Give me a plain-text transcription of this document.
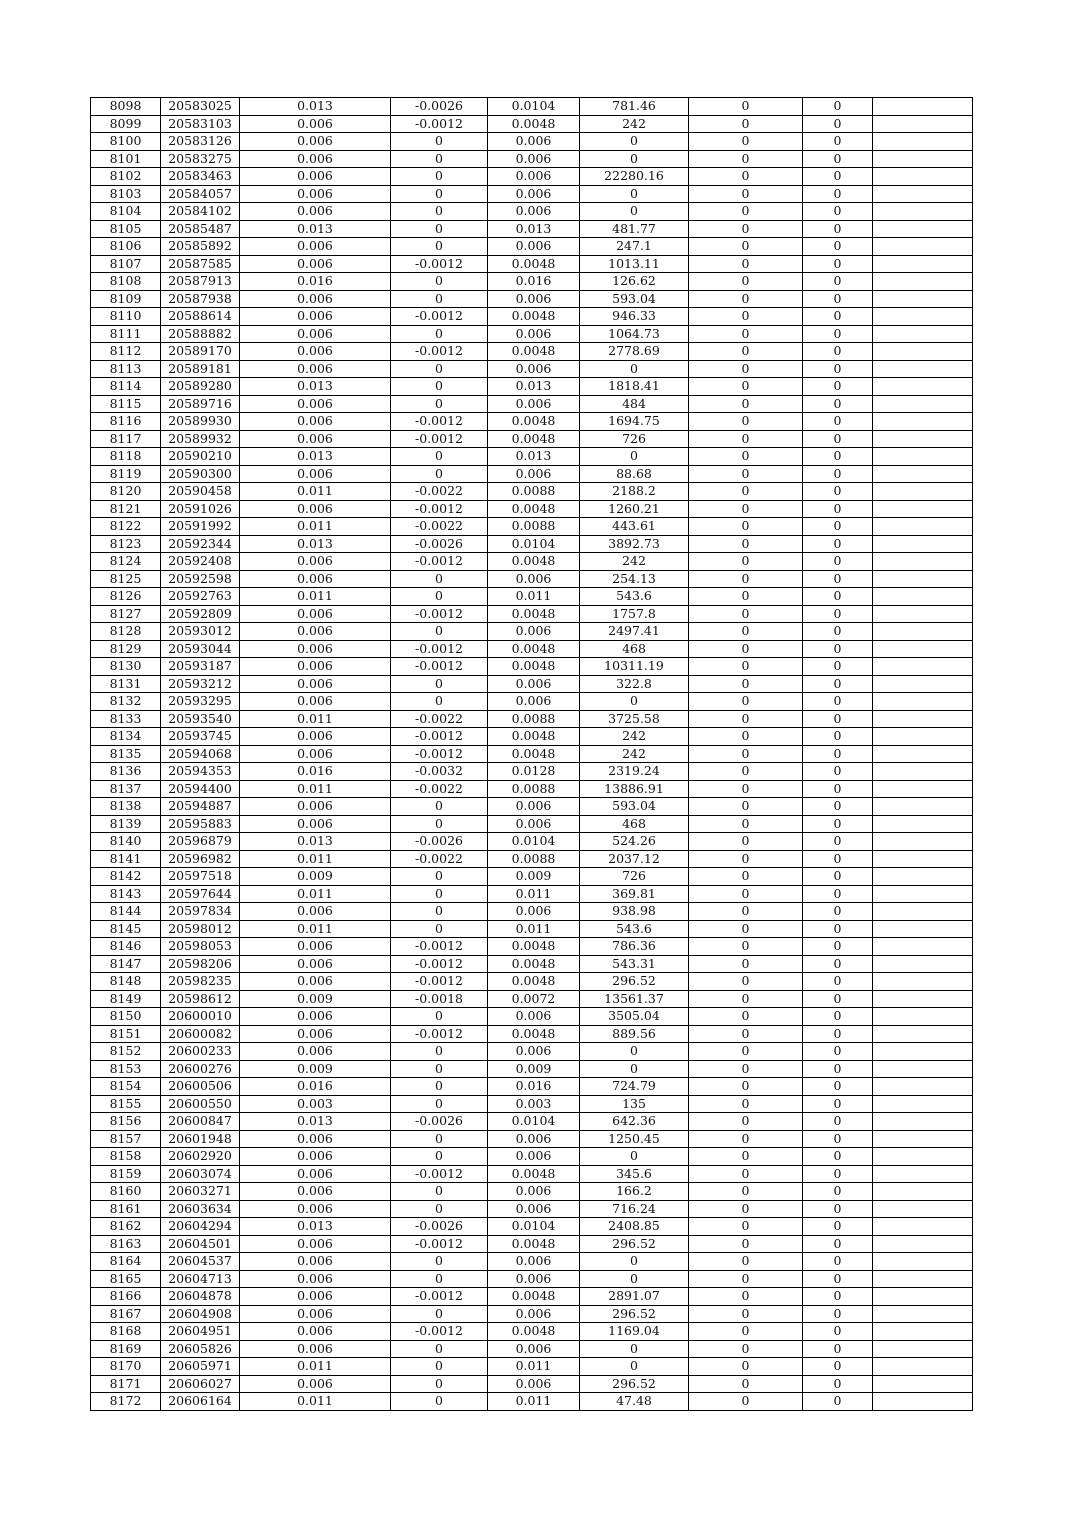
8098	20583025	0.013	-0.0026	0.0104	781.46	0	0	
8099	20583103	0.006	-0.0012	0.0048	242	0	0	
8100	20583126	0.006	0	0.006	0	0	0	
8101	20583275	0.006	0	0.006	0	0	0	
8102	20583463	0.006	0	0.006	22280.16	0	0	
8103	20584057	0.006	0	0.006	0	0	0	
8104	20584102	0.006	0	0.006	0	0	0	
8105	20585487	0.013	0	0.013	481.77	0	0	
8106	20585892	0.006	0	0.006	247.1	0	0	
8107	20587585	0.006	-0.0012	0.0048	1013.11	0	0	
8108	20587913	0.016	0	0.016	126.62	0	0	
8109	20587938	0.006	0	0.006	593.04	0	0	
8110	20588614	0.006	-0.0012	0.0048	946.33	0	0	
8111	20588882	0.006	0	0.006	1064.73	0	0	
8112	20589170	0.006	-0.0012	0.0048	2778.69	0	0	
8113	20589181	0.006	0	0.006	0	0	0	
8114	20589280	0.013	0	0.013	1818.41	0	0	
8115	20589716	0.006	0	0.006	484	0	0	
8116	20589930	0.006	-0.0012	0.0048	1694.75	0	0	
8117	20589932	0.006	-0.0012	0.0048	726	0	0	
8118	20590210	0.013	0	0.013	0	0	0	
8119	20590300	0.006	0	0.006	88.68	0	0	
8120	20590458	0.011	-0.0022	0.0088	2188.2	0	0	
8121	20591026	0.006	-0.0012	0.0048	1260.21	0	0	
8122	20591992	0.011	-0.0022	0.0088	443.61	0	0	
8123	20592344	0.013	-0.0026	0.0104	3892.73	0	0	
8124	20592408	0.006	-0.0012	0.0048	242	0	0	
8125	20592598	0.006	0	0.006	254.13	0	0	
8126	20592763	0.011	0	0.011	543.6	0	0	
8127	20592809	0.006	-0.0012	0.0048	1757.8	0	0	
8128	20593012	0.006	0	0.006	2497.41	0	0	
8129	20593044	0.006	-0.0012	0.0048	468	0	0	
8130	20593187	0.006	-0.0012	0.0048	10311.19	0	0	
8131	20593212	0.006	0	0.006	322.8	0	0	
8132	20593295	0.006	0	0.006	0	0	0	
8133	20593540	0.011	-0.0022	0.0088	3725.58	0	0	
8134	20593745	0.006	-0.0012	0.0048	242	0	0	
8135	20594068	0.006	-0.0012	0.0048	242	0	0	
8136	20594353	0.016	-0.0032	0.0128	2319.24	0	0	
8137	20594400	0.011	-0.0022	0.0088	13886.91	0	0	
8138	20594887	0.006	0	0.006	593.04	0	0	
8139	20595883	0.006	0	0.006	468	0	0	
8140	20596879	0.013	-0.0026	0.0104	524.26	0	0	
8141	20596982	0.011	-0.0022	0.0088	2037.12	0	0	
8142	20597518	0.009	0	0.009	726	0	0	
8143	20597644	0.011	0	0.011	369.81	0	0	
8144	20597834	0.006	0	0.006	938.98	0	0	
8145	20598012	0.011	0	0.011	543.6	0	0	
8146	20598053	0.006	-0.0012	0.0048	786.36	0	0	
8147	20598206	0.006	-0.0012	0.0048	543.31	0	0	
8148	20598235	0.006	-0.0012	0.0048	296.52	0	0	
8149	20598612	0.009	-0.0018	0.0072	13561.37	0	0	
8150	20600010	0.006	0	0.006	3505.04	0	0	
8151	20600082	0.006	-0.0012	0.0048	889.56	0	0	
8152	20600233	0.006	0	0.006	0	0	0	
8153	20600276	0.009	0	0.009	0	0	0	
8154	20600506	0.016	0	0.016	724.79	0	0	
8155	20600550	0.003	0	0.003	135	0	0	
8156	20600847	0.013	-0.0026	0.0104	642.36	0	0	
8157	20601948	0.006	0	0.006	1250.45	0	0	
8158	20602920	0.006	0	0.006	0	0	0	
8159	20603074	0.006	-0.0012	0.0048	345.6	0	0	
8160	20603271	0.006	0	0.006	166.2	0	0	
8161	20603634	0.006	0	0.006	716.24	0	0	
8162	20604294	0.013	-0.0026	0.0104	2408.85	0	0	
8163	20604501	0.006	-0.0012	0.0048	296.52	0	0	
8164	20604537	0.006	0	0.006	0	0	0	
8165	20604713	0.006	0	0.006	0	0	0	
8166	20604878	0.006	-0.0012	0.0048	2891.07	0	0	
8167	20604908	0.006	0	0.006	296.52	0	0	
8168	20604951	0.006	-0.0012	0.0048	1169.04	0	0	
8169	20605826	0.006	0	0.006	0	0	0	
8170	20605971	0.011	0	0.011	0	0	0	
8171	20606027	0.006	0	0.006	296.52	0	0	
8172	20606164	0.011	0	0.011	47.48	0	0	
